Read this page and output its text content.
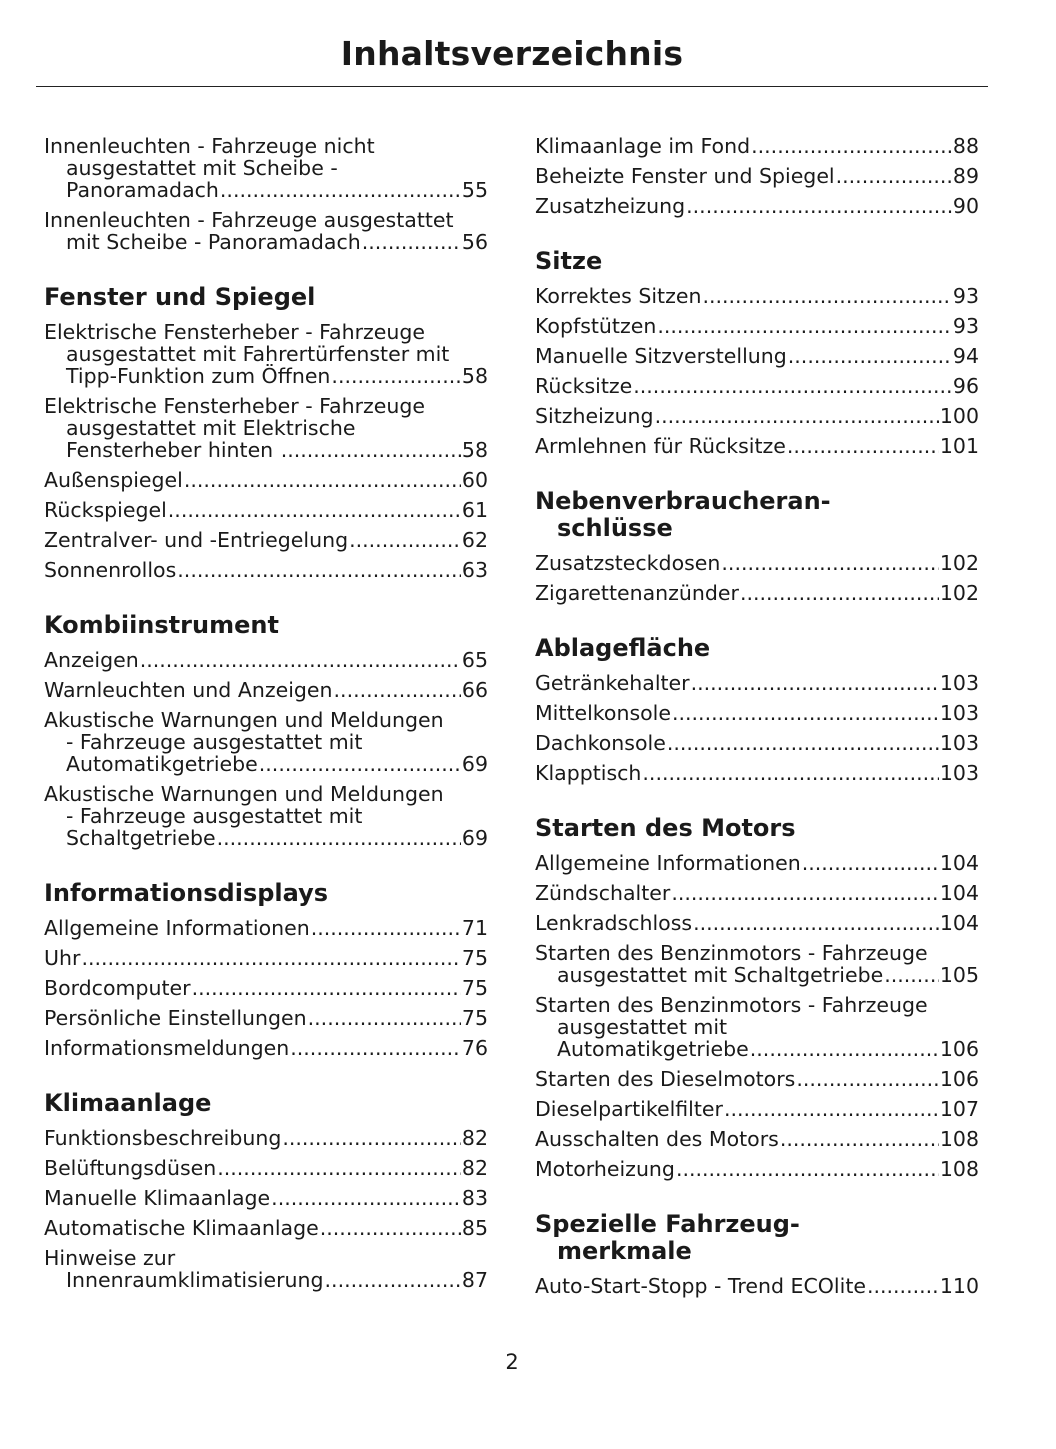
Inhaltsverzeichnis
Innenleuchten - Fahrzeuge nicht
ausgestattet mit Scheibe -
Panoramadach .....	55
Innenleuchten - Fahrzeuge ausgestattet
mit Scheibe - Panoramadach .....	56
Fenster und Spiegel
Elektrische Fensterheber - Fahrzeuge
ausgestattet mit Fahrertürfenster mit
Tipp-Funktion zum Öffnen .....	58
Elektrische Fensterheber - Fahrzeuge
ausgestattet mit Elektrische
Fensterheber hinten .....	58
Außenspiegel .....	60
Rückspiegel .....	61
Zentralver- und -Entriegelung .....	62
Sonnenrollos .....	63
Kombiinstrument
Anzeigen .....	65
Warnleuchten und Anzeigen .....	66
Akustische Warnungen und Meldungen
- Fahrzeuge ausgestattet mit
Automatikgetriebe .....	69
Akustische Warnungen und Meldungen
- Fahrzeuge ausgestattet mit
Schaltgetriebe .....	69
Informationsdisplays
Allgemeine Informationen .....	71
Uhr .....	75
Bordcomputer .....	75
Persönliche Einstellungen .....	75
Informationsmeldungen .....	76
Klimaanlage
Funktionsbeschreibung .....	82
Belüftungsdüsen .....	82
Manuelle Klimaanlage .....	83
Automatische Klimaanlage .....	85
Hinweise zur
Innenraumklimatisierung .....	87
Klimaanlage im Fond .....	88
Beheizte Fenster und Spiegel .....	89
Zusatzheizung .....	90
Sitze
Korrektes Sitzen .....	93
Kopfstützen .....	93
Manuelle Sitzverstellung .....	94
Rücksitze .....	96
Sitzheizung .....	100
Armlehnen für Rücksitze .....	101
Nebenverbraucheran-
schlüsse
Zusatzsteckdosen .....	102
Zigarettenanzünder .....	102
Ablagefläche
Getränkehalter .....	103
Mittelkonsole .....	103
Dachkonsole .....	103
Klapptisch .....	103
Starten des Motors
Allgemeine Informationen .....	104
Zündschalter .....	104
Lenkradschloss .....	104
Starten des Benzinmotors - Fahrzeuge
ausgestattet mit Schaltgetriebe .....	105
Starten des Benzinmotors - Fahrzeuge
ausgestattet mit
Automatikgetriebe .....	106
Starten des Dieselmotors .....	106
Dieselpartikelfilter .....	107
Ausschalten des Motors .....	108
Motorheizung .....	108
Spezielle Fahrzeug-
merkmale
Auto-Start-Stopp - Trend ECOlite .....	110

2
